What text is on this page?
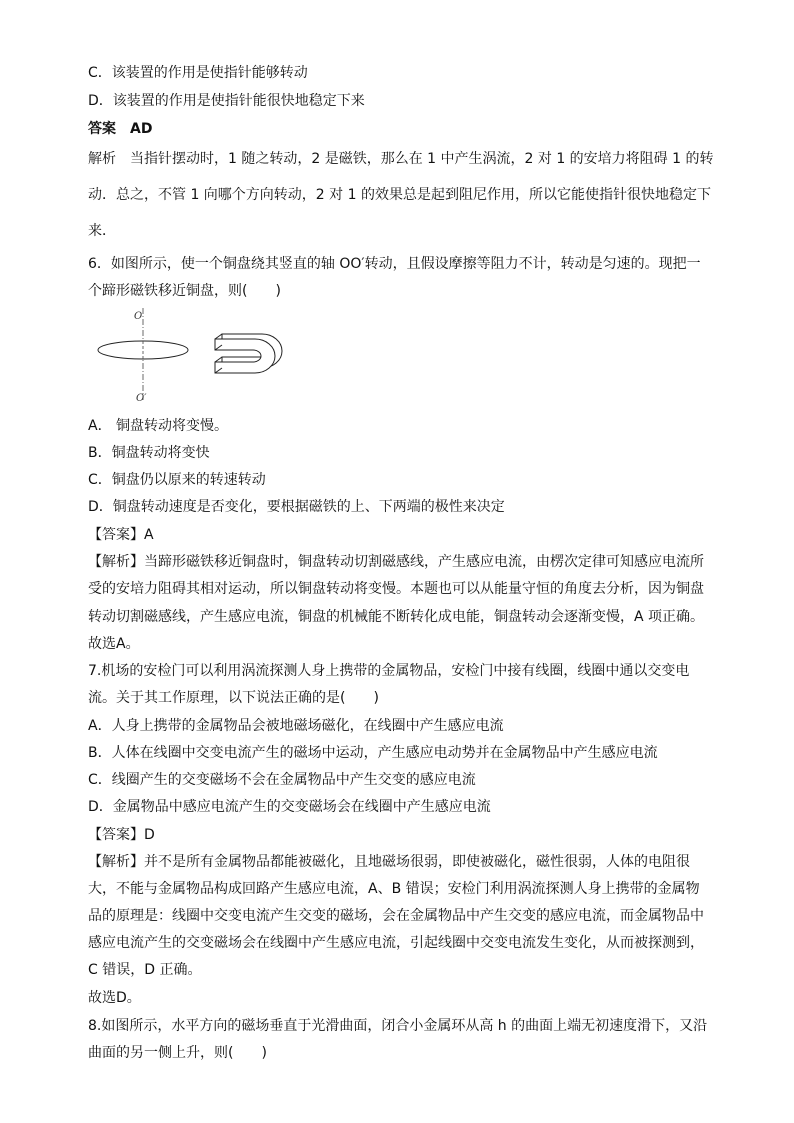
C．该装置的作用是使指针能够转动
D．该装置的作用是使指针能很快地稳定下来
答案　AD
解析　当指针摆动时，1 随之转动，2 是磁铁，那么在 1 中产生涡流，2 对 1 的安培力将阻碍 1 的转
动．总之，不管 1 向哪个方向转动，2 对 1 的效果总是起到阻尼作用，所以它能使指针很快地稳定下
来．
6．如图所示，使一个铜盘绕其竖直的轴 OO′转动，且假设摩擦等阻力不计，转动是匀速的。现把一
个蹄形磁铁移近铜盘，则(　　)
O
O′
A． 铜盘转动将变慢。
B．铜盘转动将变快
C．铜盘仍以原来的转速转动
D．铜盘转动速度是否变化，要根据磁铁的上、下两端的极性来决定
【答案】A
【解析】当蹄形磁铁移近铜盘时，铜盘转动切割磁感线，产生感应电流，由楞次定律可知感应电流所
受的安培力阻碍其相对运动，所以铜盘转动将变慢。本题也可以从能量守恒的角度去分析，因为铜盘
转动切割磁感线，产生感应电流，铜盘的机械能不断转化成电能，铜盘转动会逐渐变慢，A 项正确。
故选A。
7.机场的安检门可以利用涡流探测人身上携带的金属物品，安检门中接有线圈，线圈中通以交变电
流。关于其工作原理，以下说法正确的是(　　)
A．人身上携带的金属物品会被地磁场磁化，在线圈中产生感应电流
B．人体在线圈中交变电流产生的磁场中运动，产生感应电动势并在金属物品中产生感应电流
C．线圈产生的交变磁场不会在金属物品中产生交变的感应电流
D．金属物品中感应电流产生的交变磁场会在线圈中产生感应电流
【答案】D
【解析】并不是所有金属物品都能被磁化，且地磁场很弱，即使被磁化，磁性很弱，人体的电阻很
大，不能与金属物品构成回路产生感应电流，A、B 错误；安检门利用涡流探测人身上携带的金属物
品的原理是：线圈中交变电流产生交变的磁场，会在金属物品中产生交变的感应电流，而金属物品中
感应电流产生的交变磁场会在线圈中产生感应电流，引起线圈中交变电流发生变化，从而被探测到，
C 错误，D 正确。
故选D。
8.如图所示，水平方向的磁场垂直于光滑曲面，闭合小金属环从高 h 的曲面上端无初速度滑下，又沿
曲面的另一侧上升，则(　　)
